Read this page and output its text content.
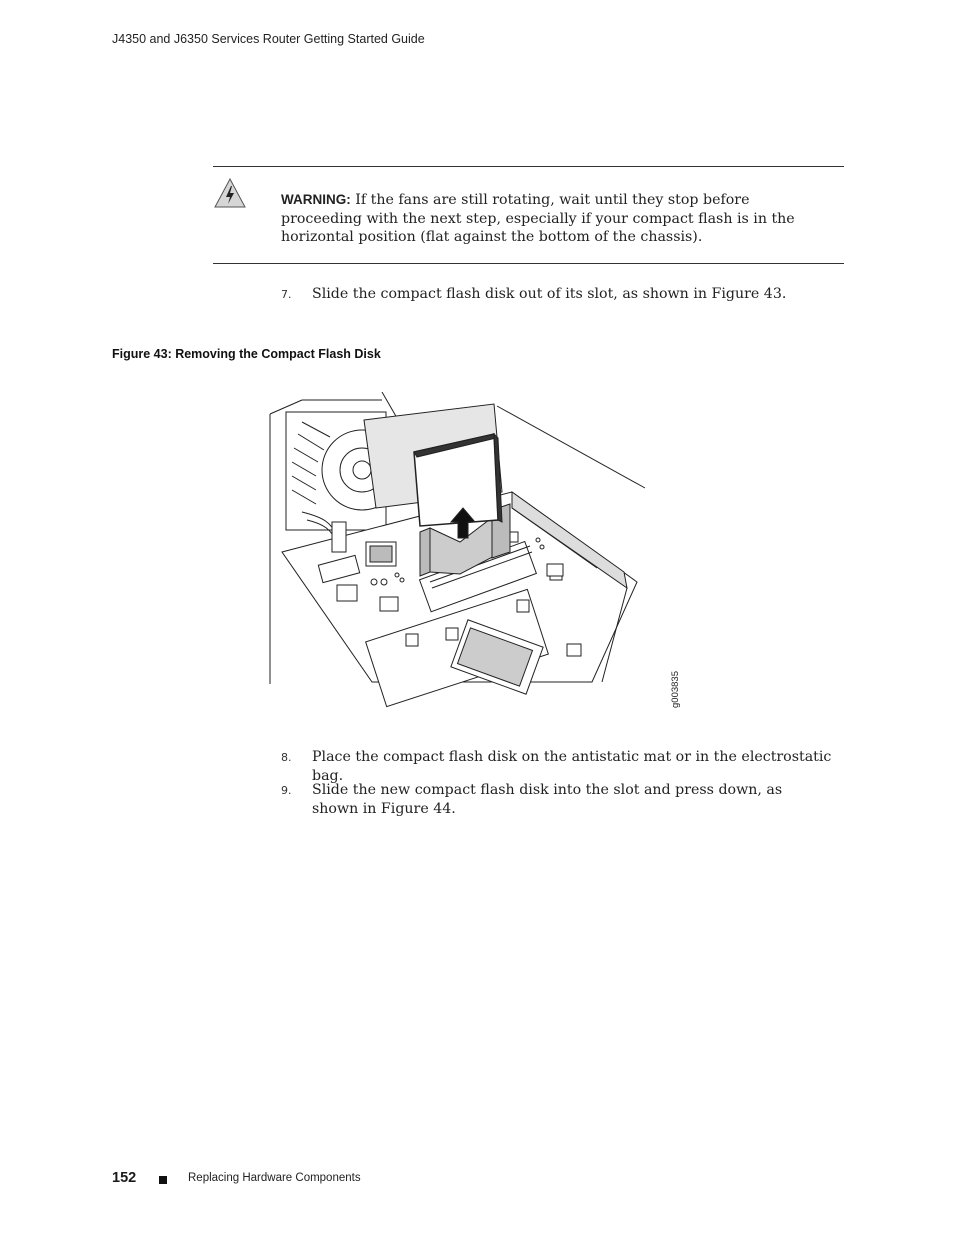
J4350 and J6350 Services Router Getting Started Guide
WARNING: If the fans are still rotating, wait until they stop before proceeding with the next step, especially if your compact flash is in the horizontal position (flat against the bottom of the chassis).
7. Slide the compact flash disk out of its slot, as shown in Figure 43.
Figure 43: Removing the Compact Flash Disk
g003835
8. Place the compact flash disk on the antistatic mat or in the electrostatic bag.
9. Slide the new compact flash disk into the slot and press down, as shown in Figure 44.
152	Replacing Hardware Components
